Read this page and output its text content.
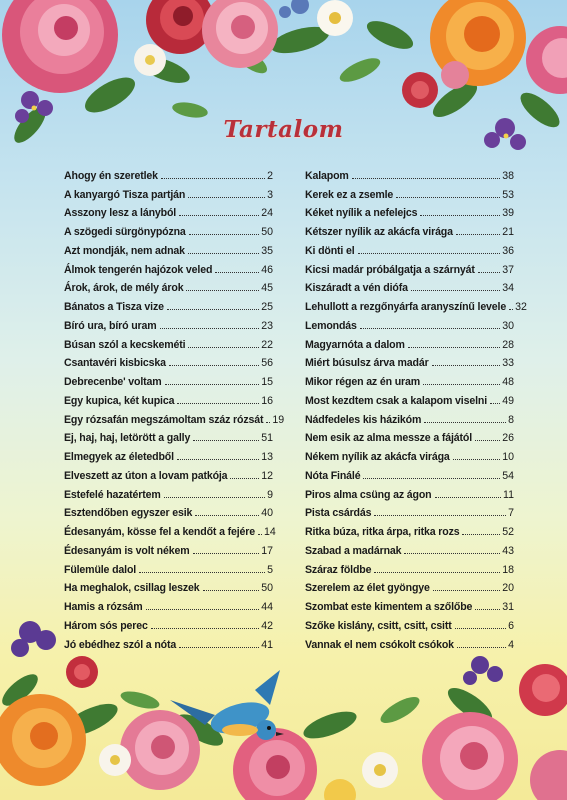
Tartalom
Ahogy én szeretlek	2
A kanyargó Tisza partján	3
Asszony lesz a lányból	24
A szögedi sürgönypózna	50
Azt mondják, nem adnak	35
Álmok tengerén hajózok veled	46
Árok, árok, de mély árok	45
Bánatos a Tisza vize	25
Bíró ura, bíró uram	23
Búsan szól a kecskeméti	22
Csantavéri kisbicska	56
Debrecenbe' voltam	15
Egy kupica, két kupica	16
Egy rózsafán megszámoltam száz rózsát 19
Ej, haj, haj, letörött a gally	51
Elmegyek az életedből	13
Elveszett az úton a lovam patkója	12
Estefelé hazatértem	9
Esztendőben egyszer esik	40
Édesanyám, kösse fel a kendőt a fejére 14
Édesanyám is volt nékem	17
Fülemüle dalol	5
Ha meghalok, csillag leszek	50
Hamis a rózsám	44
Három sós perec	42
Jó ebédhez szól a nóta	41
Kalapom	38
Kerek ez a zsemle	53
Kéket nyílik a nefelejcs	39
Kétszer nyílik az akácfa virága	21
Ki dönti el	36
Kicsi madár próbálgatja a szárnyát	37
Kiszáradt a vén diófa	34
Lehullott a rezgőnyárfa aranyszínű levele 32
Lemondás	30
Magyarnóta a dalom	28
Miért búsulsz árva madár	33
Mikor régen az én uram	48
Most kezdtem csak a kalapom viselni 49
Nádfedeles kis házikóm	8
Nem esik az alma messze a fájától	26
Nékem nyílik az akácfa virága	10
Nóta Finálé	54
Piros alma csüng az ágon	11
Pista csárdás	7
Ritka búza, ritka árpa, ritka rozs	52
Szabad a madárnak	43
Száraz földbe	18
Szerelem az élet gyöngye	20
Szombat este kimentem a szőlőbe	31
Szőke kislány, csitt, csitt, csitt	6
Vannak el nem csókolt csókok	4
